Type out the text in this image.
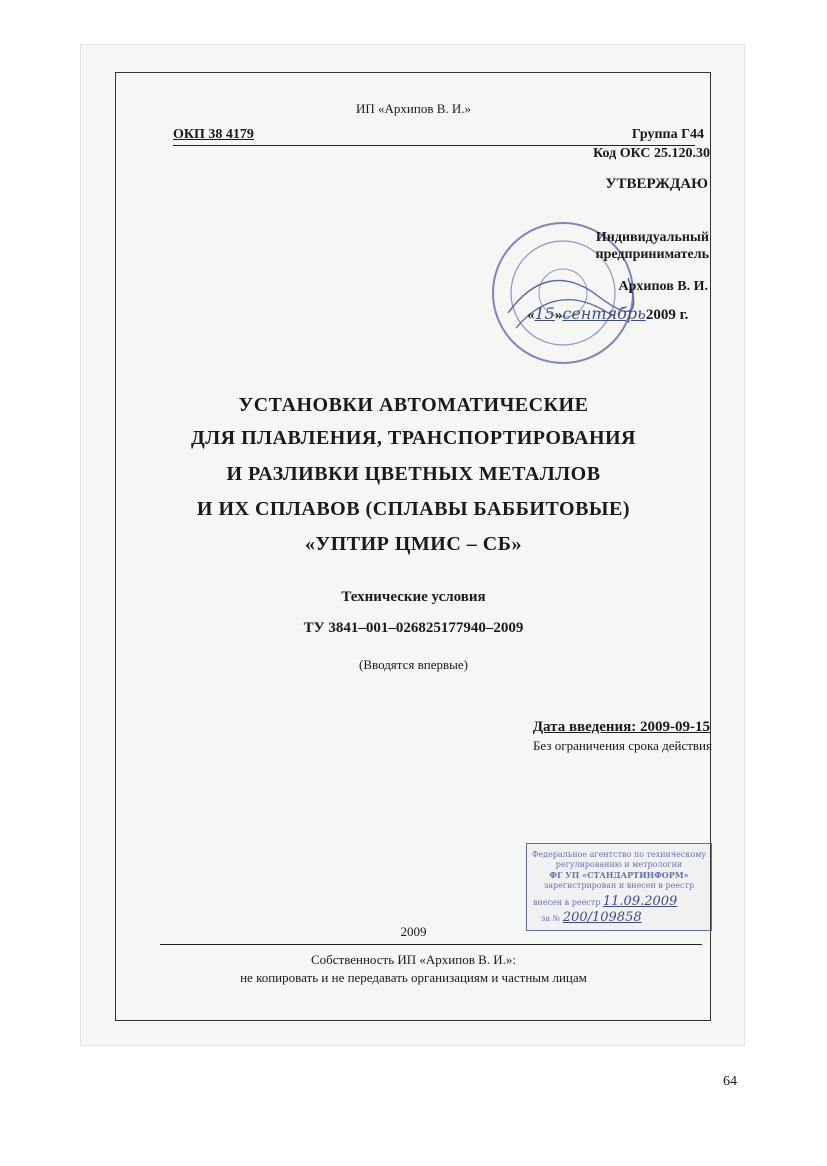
ИП «Архипов В. И.»
ОКП 38 4179	Группа Г44
Код ОКС 25.120.30
УТВЕРЖДАЮ
Индивидуальный
предприниматель
Архипов В. И.
«15»сентябрь2009 г.
УСТАНОВКИ АВТОМАТИЧЕСКИЕ
ДЛЯ ПЛАВЛЕНИЯ, ТРАНСПОРТИРОВАНИЯ
И РАЗЛИВКИ ЦВЕТНЫХ МЕТАЛЛОВ
И ИХ СПЛАВОВ (СПЛАВЫ БАББИТОВЫЕ)
«УПТИР ЦМИС – СБ»
Технические условия
ТУ 3841–001–026825177940–2009
(Вводятся впервые)
Дата введения: 2009-09-15
Без ограничения срока действия
Федеральное агентство по техническому
регулированию и метрологии
ФГ УП «СТАНДАРТИНФОРМ»
зарегистрирован и внесен в реестр
внесен в реестр 11.09.2009
за № 200/109858
2009
Собственность ИП «Архипов В. И.»:
не копировать и не передавать организациям и частным лицам
64
